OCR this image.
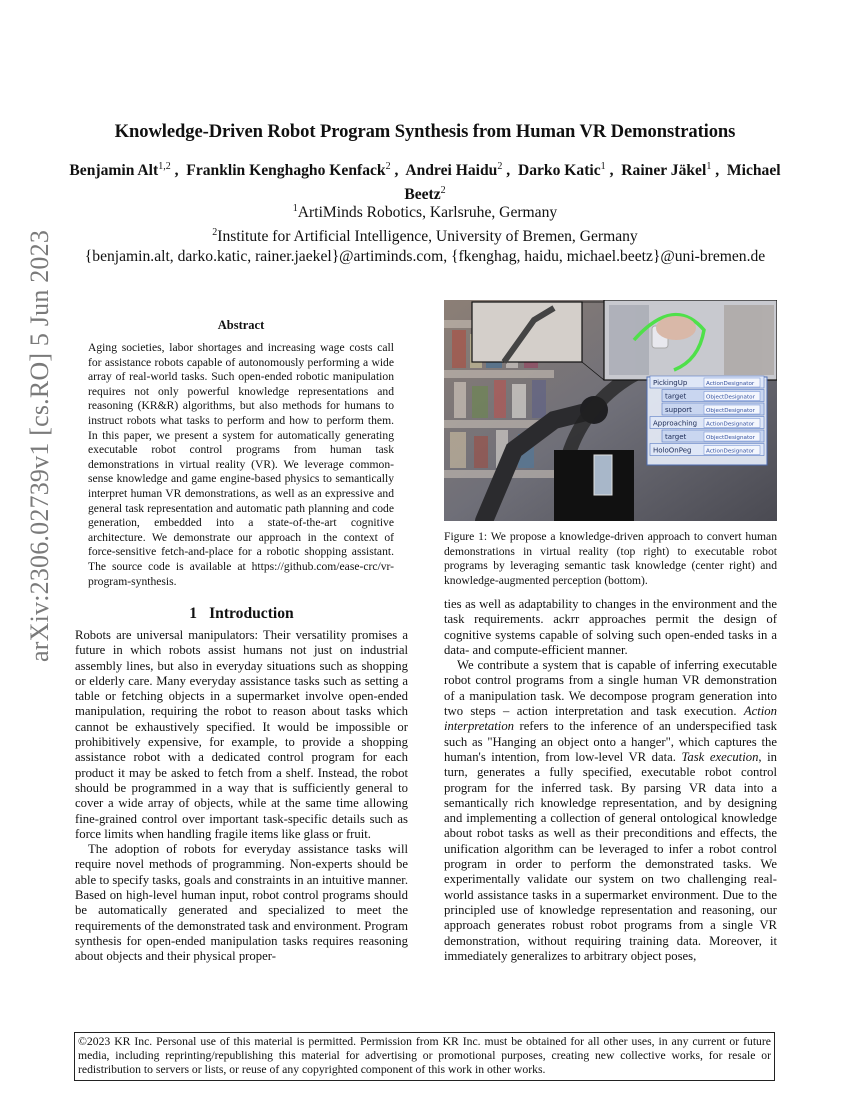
arXiv:2306.02739v1 [cs.RO] 5 Jun 2023
Knowledge-Driven Robot Program Synthesis from Human VR Demonstrations
Benjamin Alt$^{1,2}$ ,  Franklin Kenghagho Kenfack$^2$ ,  Andrei Haidu$^2$ ,  Darko Katic$^1$ ,  Rainer Jäkel$^1$ ,  Michael Beetz$^2$
$^1$ArtiMinds Robotics, Karlsruhe, Germany
$^2$Institute for Artificial Intelligence, University of Bremen, Germany
{benjamin.alt, darko.katic, rainer.jaekel}@artiminds.com, {fkenghag, haidu, michael.beetz}@uni-bremen.de
Abstract

Aging societies, labor shortages and increasing wage costs call for assistance robots capable of autonomously performing a wide array of real-world tasks. Such open-ended robotic manipulation requires not only powerful knowledge representations and reasoning (KR&R) algorithms, but also methods for humans to instruct robots what tasks to perform and how to perform them. In this paper, we present a system for automatically generating executable robot control programs from human task demonstrations in virtual reality (VR). We leverage common-sense knowledge and game engine-based physics to semantically interpret human VR demonstrations, as well as an expressive and general task representation and automatic path planning and code generation, embedded into a state-of-the-art cognitive architecture. We demonstrate our approach in the context of force-sensitive fetch-and-place for a robotic shopping assistant. The source code is available at https://github.com/ease-crc/vr-program-synthesis.

PickingUp	ActionDesignator
target	ObjectDesignator
support	ObjectDesignator
Approaching ActionDesignator
target	ObjectDesignator
HoloOnPeg	ActionDesignator

Figure 1: We propose a knowledge-driven approach to convert human demonstrations in virtual reality (top right) to executable robot programs by leveraging semantic task knowledge (center right) and knowledge-augmented perception (bottom).

1 Introduction

Robots are universal manipulators: Their versatility promises a future in which robots assist humans not just on industrial assembly lines, but also in everyday situations such as shopping or elderly care. Many everyday assistance tasks such as setting a table or fetching objects in a supermarket involve open-ended manipulation, requiring the robot to reason about tasks which cannot be exhaustively specified. It would be impossible or prohibitively expensive, for example, to provide a shopping assistance robot with a dedicated control program for each product it may be asked to fetch from a shelf. Instead, the robot should be programmed in a way that is sufficiently general to cover a wide array of objects, while at the same time allowing fine-grained control over important task-specific details such as force limits when handling fragile items like glass or fruit.

The adoption of robots for everyday assistance tasks will require novel methods of programming. Non-experts should be able to specify tasks, goals and constraints in an intuitive manner. Based on high-level human input, robot control programs should be automatically generated and specialized to meet the requirements of the demonstrated task and environment. Program synthesis for open-ended manipulation tasks requires reasoning about objects and their physical proper-

ties as well as adaptability to changes in the environment and the task requirements. ackrr approaches permit the design of cognitive systems capable of solving such open-ended tasks in a data- and compute-efficient manner.

We contribute a system that is capable of inferring executable robot control programs from a single human VR demonstration of a manipulation task. We decompose program generation into two steps – action interpretation and task execution. Action interpretation refers to the inference of an underspecified task such as "Hanging an object onto a hanger", which captures the human's intention, from low-level VR data. Task execution, in turn, generates a fully specified, executable robot control program for the inferred task. By parsing VR data into a semantically rich knowledge representation, and by designing and implementing a collection of general ontological knowledge about robot tasks as well as their preconditions and effects, the unification algorithm can be leveraged to infer a robot control program in order to perform the demonstrated tasks. We experimentally validate our system on two challenging real-world assistance tasks in a supermarket environment. Due to the principled use of knowledge representation and reasoning, our approach generates robust robot programs from a single VR demonstration, without requiring training data. Moreover, it immediately generalizes to arbitrary object poses,

©2023 KR Inc. Personal use of this material is permitted. Permission from KR Inc. must be obtained for all other uses, in any current or future media, including reprinting/republishing this material for advertising or promotional purposes, creating new collective works, for resale or redistribution to servers or lists, or reuse of any copyrighted component of this work in other works.
